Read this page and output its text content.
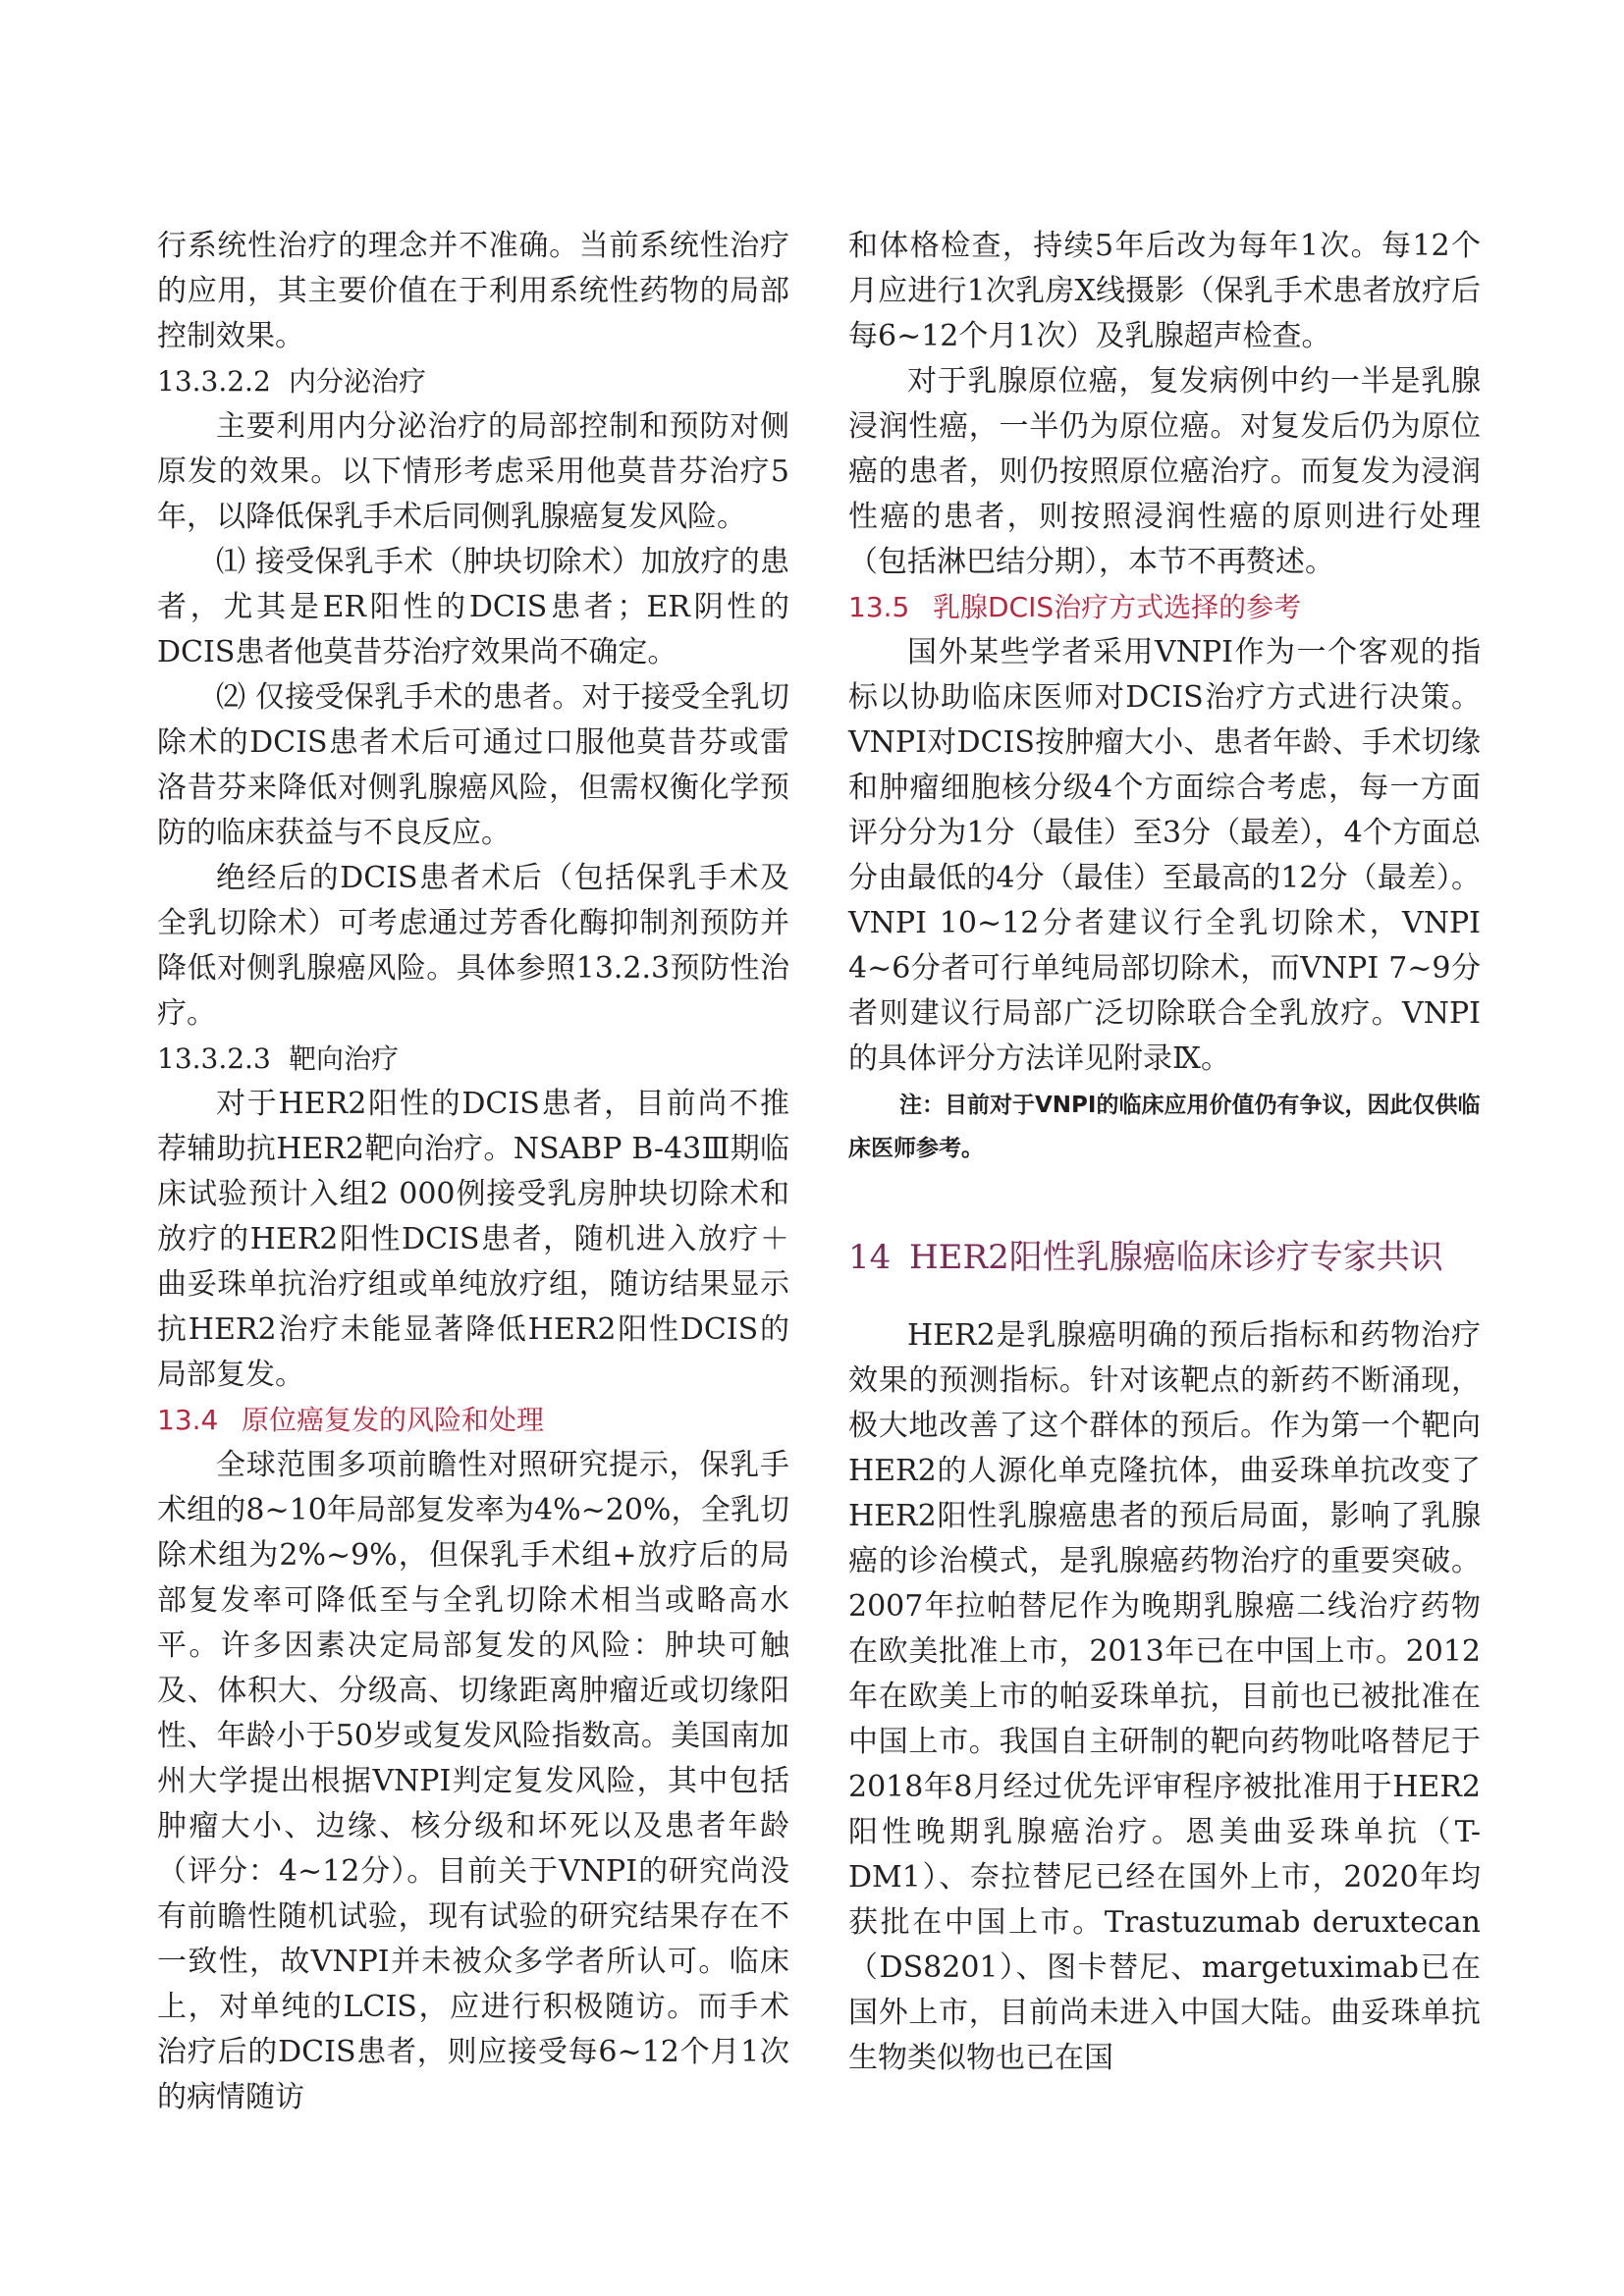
行系统性治疗的理念并不准确。当前系统性治疗的应用，其主要价值在于利用系统性药物的局部控制效果。

13.3.2.2 内分泌治疗

主要利用内分泌治疗的局部控制和预防对侧原发的效果。以下情形考虑采用他莫昔芬治疗5年，以降低保乳手术后同侧乳腺癌复发风险。

⑴ 接受保乳手术（肿块切除术）加放疗的患者，尤其是ER阳性的DCIS患者；ER阴性的DCIS患者他莫昔芬治疗效果尚不确定。

⑵ 仅接受保乳手术的患者。对于接受全乳切除术的DCIS患者术后可通过口服他莫昔芬或雷洛昔芬来降低对侧乳腺癌风险，但需权衡化学预防的临床获益与不良反应。

绝经后的DCIS患者术后（包括保乳手术及全乳切除术）可考虑通过芳香化酶抑制剂预防并降低对侧乳腺癌风险。具体参照13.2.3预防性治疗。

13.3.2.3 靶向治疗

对于HER2阳性的DCIS患者，目前尚不推荐辅助抗HER2靶向治疗。NSABP B-43Ⅲ期临床试验预计入组2 000例接受乳房肿块切除术和放疗的HER2阳性DCIS患者，随机进入放疗＋曲妥珠单抗治疗组或单纯放疗组，随访结果显示抗HER2治疗未能显著降低HER2阳性DCIS的局部复发。

13.4 原位癌复发的风险和处理

全球范围多项前瞻性对照研究提示，保乳手术组的8~10年局部复发率为4%~20%，全乳切除术组为2%~9%，但保乳手术组+放疗后的局部复发率可降低至与全乳切除术相当或略高水平。许多因素决定局部复发的风险：肿块可触及、体积大、分级高、切缘距离肿瘤近或切缘阳性、年龄小于50岁或复发风险指数高。美国南加州大学提出根据VNPI判定复发风险，其中包括肿瘤大小、边缘、核分级和坏死以及患者年龄（评分：4~12分）。目前关于VNPI的研究尚没有前瞻性随机试验，现有试验的研究结果存在不一致性，故VNPI并未被众多学者所认可。临床上，对单纯的LCIS，应进行积极随访。而手术治疗后的DCIS患者，则应接受每6~12个月1次的病情随访

和体格检查，持续5年后改为每年1次。每12个月应进行1次乳房X线摄影（保乳手术患者放疗后每6~12个月1次）及乳腺超声检查。

对于乳腺原位癌，复发病例中约一半是乳腺浸润性癌，一半仍为原位癌。对复发后仍为原位癌的患者，则仍按照原位癌治疗。而复发为浸润性癌的患者，则按照浸润性癌的原则进行处理（包括淋巴结分期），本节不再赘述。

13.5 乳腺DCIS治疗方式选择的参考

国外某些学者采用VNPI作为一个客观的指标以协助临床医师对DCIS治疗方式进行决策。VNPI对DCIS按肿瘤大小、患者年龄、手术切缘和肿瘤细胞核分级4个方面综合考虑，每一方面评分分为1分（最佳）至3分（最差），4个方面总分由最低的4分（最佳）至最高的12分（最差）。VNPI 10~12分者建议行全乳切除术，VNPI 4~6分者可行单纯局部切除术，而VNPI 7~9分者则建议行局部广泛切除联合全乳放疗。VNPI的具体评分方法详见附录Ⅸ。

注：目前对于VNPI的临床应用价值仍有争议，因此仅供临床医师参考。

14 HER2阳性乳腺癌临床诊疗专家共识

HER2是乳腺癌明确的预后指标和药物治疗效果的预测指标。针对该靶点的新药不断涌现，极大地改善了这个群体的预后。作为第一个靶向HER2的人源化单克隆抗体，曲妥珠单抗改变了HER2阳性乳腺癌患者的预后局面，影响了乳腺癌的诊治模式，是乳腺癌药物治疗的重要突破。2007年拉帕替尼作为晚期乳腺癌二线治疗药物在欧美批准上市，2013年已在中国上市。2012年在欧美上市的帕妥珠单抗，目前也已被批准在中国上市。我国自主研制的靶向药物吡咯替尼于2018年8月经过优先评审程序被批准用于HER2阳性晚期乳腺癌治疗。恩美曲妥珠单抗（T-DM1）、奈拉替尼已经在国外上市，2020年均获批在中国上市。Trastuzumab deruxtecan（DS8201）、图卡替尼、margetuximab已在国外上市，目前尚未进入中国大陆。曲妥珠单抗生物类似物也已在国
